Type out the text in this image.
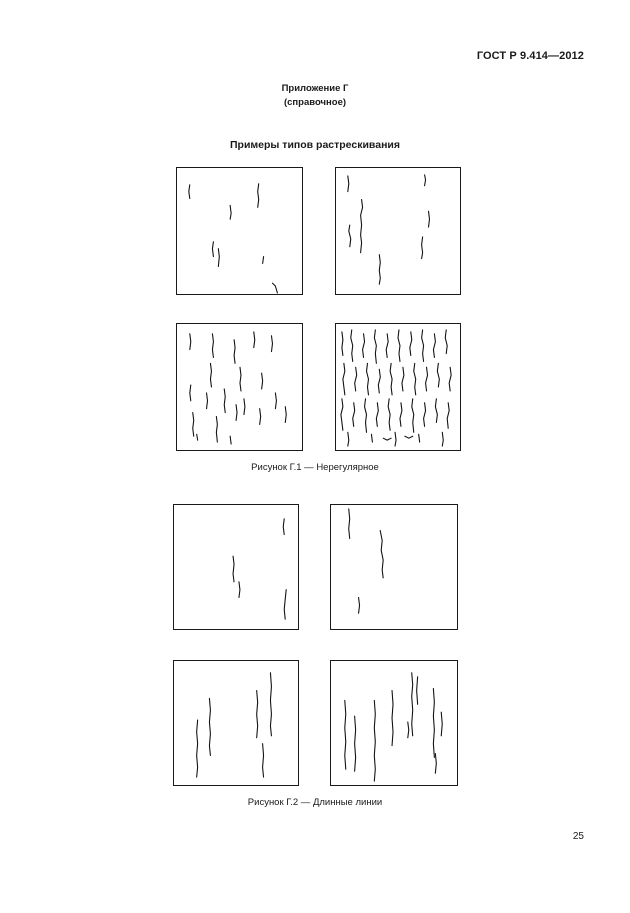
ГОСТ Р 9.414—2012
Приложение Г
(справочное)
Примеры типов растрескивания
Рисунок Г.1 — Нерегулярное
Рисунок Г.2 — Длинные линии
25
